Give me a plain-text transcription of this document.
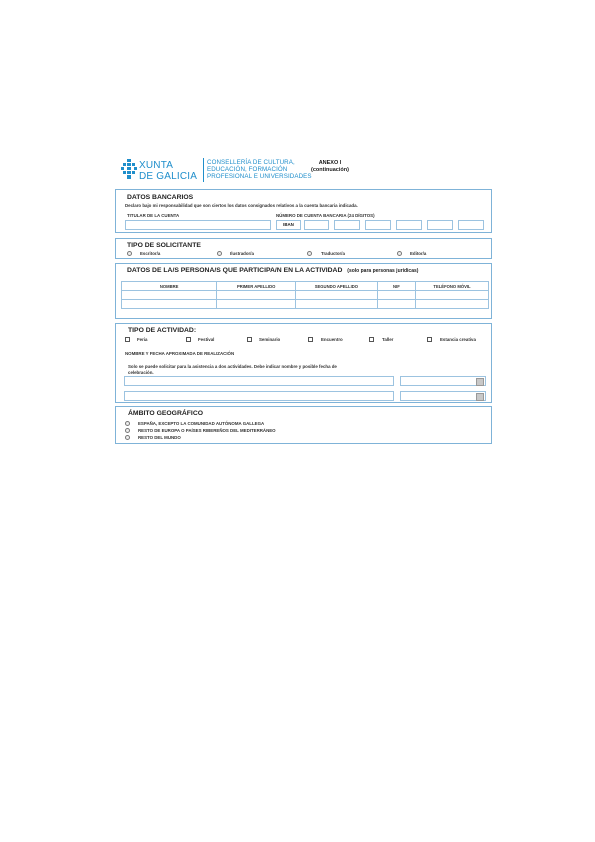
XUNTA
DE GALICIA
CONSELLERÍA DE CULTURA,
EDUCACIÓN, FORMACIÓN
PROFESIONAL E UNIVERSIDADES
ANEXO I
(continuación)
DATOS BANCARIOS
Declaro bajo mi responsabilidad que son ciertos los datos consignados relativos a la cuenta bancaria indicada.
TITULAR DE LA CUENTA	NÚMERO DE CUENTA BANCARIA (24 DÍGITOS)
IBAN
TIPO DE SOLICITANTE
Escritor/a	Ilustrador/a	Traductor/a	Editor/a
DATOS DE LA/S PERSONA/S QUE PARTICIPA/N EN LA ACTIVIDAD (solo para personas jurídicas)
NOMBRE	PRIMER APELLIDO	SEGUNDO APELLIDO	NIF	TELÉFONO MÓVIL

TIPO DE ACTIVIDAD:
Feria	Festival	Seminario	Encuentro	Taller	Estancia creativa
NOMBRE Y FECHA APROXIMADA DE REALIZACIÓN
Solo se puede solicitar para la asistencia a dos actividades. Debe indicar nombre y posible fecha de
celebración.
ÁMBITO GEOGRÁFICO
ESPAÑA, EXCEPTO LA COMUNIDAD AUTÓNOMA GALLEGA
RESTO DE EUROPA O PAÍSES RIBEREÑOS DEL MEDITERRÁNEO
RESTO DEL MUNDO
